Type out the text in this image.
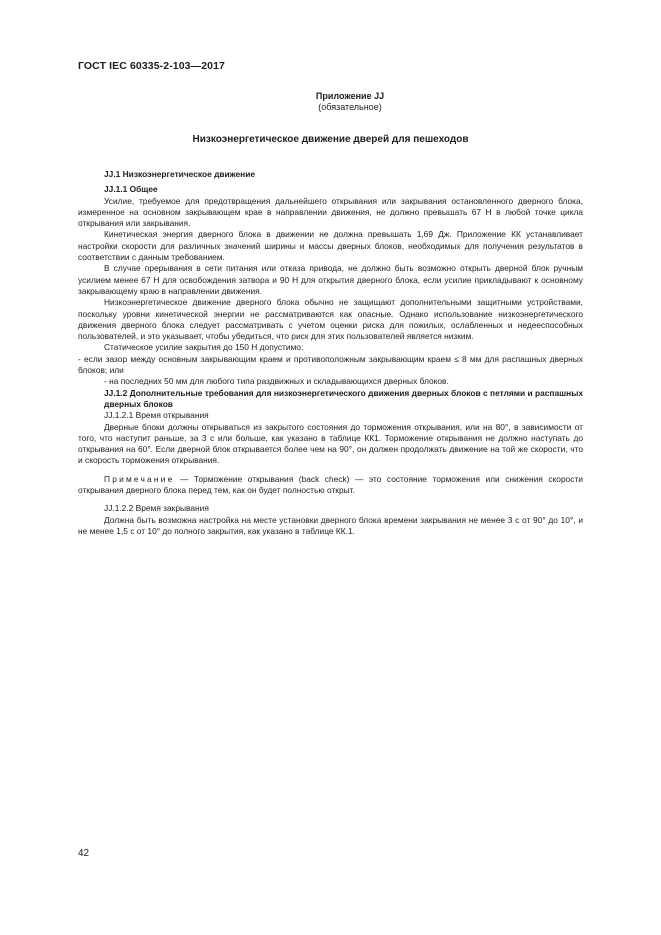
ГОСТ IEC 60335-2-103—2017
Приложение JJ
(обязательное)
Низкоэнергетическое движение дверей для пешеходов

JJ.1 Низкоэнергетическое движение

JJ.1.1 Общее

Усилие, требуемое для предотвращения дальнейшего открывания или закрывания остановленного дверного блока, измеренное на основном закрывающем крае в направлении движения, не должно превышать 67 Н в любой точке цикла открывания или закрывания.

Кинетическая энергия дверного блока в движении не должна превышать 1,69 Дж. Приложение КК устанавливает настройки скорости для различных значений ширины и массы дверных блоков, необходимых для получения результатов в соответствии с данным требованием.

В случае прерывания в сети питания или отказа привода, не должно быть возможно открыть дверной блок ручным усилием менее 67 Н для освобождения затвора и 90 Н для открытия дверного блока, если усилие прикладывают к основному закрывающему краю в направлении движения.

Низкоэнергетическое движение дверного блока обычно не защищают дополнительными защитными устройствами, поскольку уровни кинетической энергии не рассматриваются как опасные. Однако использование низкоэнергетического движения дверного блока следует рассматривать с учетом оценки риска для пожилых, ослабленных и недееспособных пользователей, и это указывает, чтобы убедиться, что риск для этих пользователей является низким.

Статическое усилие закрытия до 150 Н допустимо:

- если зазор между основным закрывающим краем и противоположным закрывающим краем ≤ 8 мм для распашных дверных блоков; или

- на последних 50 мм для любого типа раздвижных и складывающихся дверных блоков.

JJ.1.2 Дополнительные требования для низкоэнергетического движения дверных блоков с петлями и распашных дверных блоков

JJ.1.2.1 Время открывания

Дверные блоки должны открываться из закрытого состояния до торможения открывания, или на 80°, в зависимости от того, что наступит раньше, за 3 с или больше, как указано в таблице КК1. Торможение открывания не должно наступать до открывания на 60°. Если дверной блок открывается более чем на 90°, он должен продолжать движение на той же скорости, что и скорость торможения открывания.

Примечание — Торможение открывания (back check) — это состояние торможения или снижения скорости открывания дверного блока перед тем, как он будет полностью открыт.

JJ.1.2.2 Время закрывания

Должна быть возможна настройка на месте установки дверного блока времени закрывания не менее 3 с от 90° до 10°, и не менее 1,5 с от 10° до полного закрытия, как указано в таблице КК.1.

42
